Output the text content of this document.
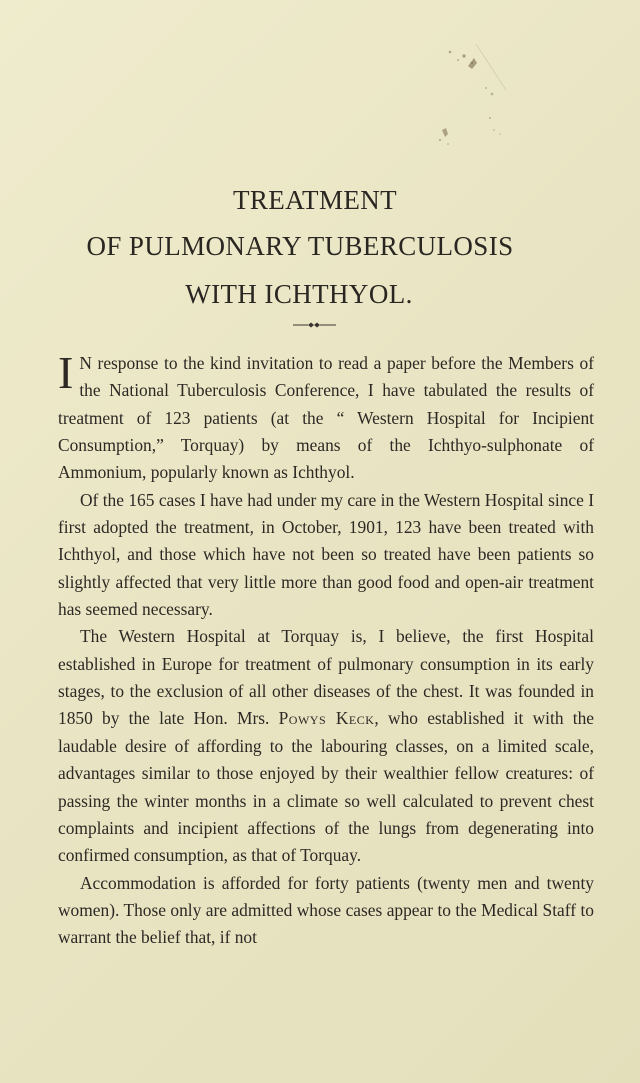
TREATMENT
OF PULMONARY TUBERCULOSIS
WITH ICHTHYOL.

I N response to the kind invitation to read a paper before the Members of the National Tuberculosis Conference, I have tabulated the results of treatment of 123 patients (at the “ Western Hospital for Incipient Consumption,” Torquay) by means of the Ichthyo-sulphonate of Ammonium, popularly known as Ichthyol.

Of the 165 cases I have had under my care in the Western Hospital since I first adopted the treatment, in October, 1901, 123 have been treated with Ichthyol, and those which have not been so treated have been patients so slightly affected that very little more than good food and open-air treatment has seemed necessary.

The Western Hospital at Torquay is, I believe, the first Hospital established in Europe for treatment of pulmonary consumption in its early stages, to the exclusion of all other diseases of the chest. It was founded in 1850 by the late Hon. Mrs. Powys Keck, who established it with the laudable desire of affording to the labouring classes, on a limited scale, advantages similar to those enjoyed by their wealthier fellow creatures: of passing the winter months in a climate so well calculated to prevent chest complaints and incipient affections of the lungs from degenerating into confirmed consumption, as that of Torquay.

Accommodation is afforded for forty patients (twenty men and twenty women). Those only are admitted whose cases appear to the Medical Staff to warrant the belief that, if not
